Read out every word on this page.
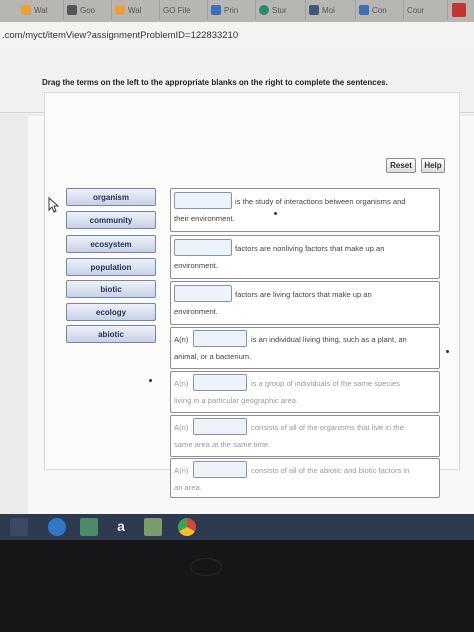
Wal	Goo	Wal	GO File	Prin	Stur	Moi	Con	Cour
.com/myct/itemView?assignmentProblemID=122833210
Drag the terms on the left to the appropriate blanks on the right to complete the sentences.
Reset	Help
organism
community
ecosystem
population
biotic
ecology
abiotic
is the study of interactions between organisms and
their environment.
factors are nonliving factors that make up an
environment.
factors are living factors that make up an
environment.
A(n)	is an individual living thing, such as a plant, an
animal, or a bacterium.
A(n)	is a group of individuals of the same species
living in a particular geographic area.
A(n)	consists of all of the organisms that live in the
same area at the same time.
A(n)	consists of all of the abiotic and biotic factors in
an area.
a
